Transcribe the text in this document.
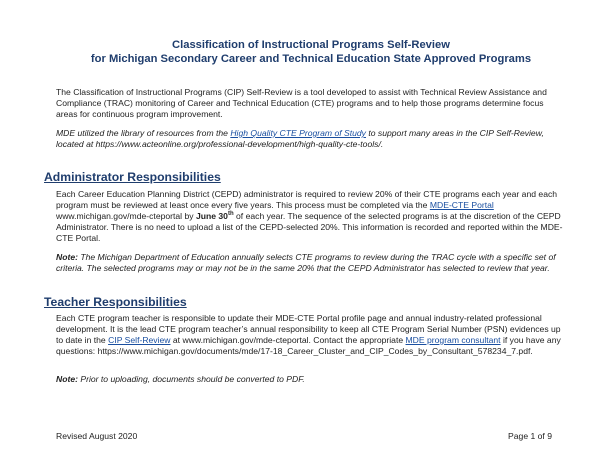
Classification of Instructional Programs Self-Review
for Michigan Secondary Career and Technical Education State Approved Programs

The Classification of Instructional Programs (CIP) Self-Review is a tool developed to assist with Technical Review Assistance and Compliance (TRAC) monitoring of Career and Technical Education (CTE) programs and to help those programs determine focus areas for continuous program improvement.

MDE utilized the library of resources from the High Quality CTE Program of Study to support many areas in the CIP Self-Review, located at https://www.acteonline.org/professional-development/high-quality-cte-tools/.

Administrator Responsibilities

Each Career Education Planning District (CEPD) administrator is required to review 20% of their CTE programs each year and each program must be reviewed at least once every five years. This process must be completed via the MDE-CTE Portal www.michigan.gov/mde-cteportal by June 30th of each year. The sequence of the selected programs is at the discretion of the CEPD Administrator. There is no need to upload a list of the CEPD-selected 20%. This information is recorded and reported within the MDE-CTE Portal.

Note: The Michigan Department of Education annually selects CTE programs to review during the TRAC cycle with a specific set of criteria. The selected programs may or may not be in the same 20% that the CEPD Administrator has selected to review that year.

Teacher Responsibilities

Each CTE program teacher is responsible to update their MDE-CTE Portal profile page and annual industry-related professional development. It is the lead CTE program teacher’s annual responsibility to keep all CTE Program Serial Number (PSN) evidences up to date in the CIP Self-Review at www.michigan.gov/mde-cteportal. Contact the appropriate MDE program consultant if you have any questions: https://www.michigan.gov/documents/mde/17-18_Career_Cluster_and_CIP_Codes_by_Consultant_578234_7.pdf.

Note: Prior to uploading, documents should be converted to PDF.

Revised August 2020	Page 1 of 9
